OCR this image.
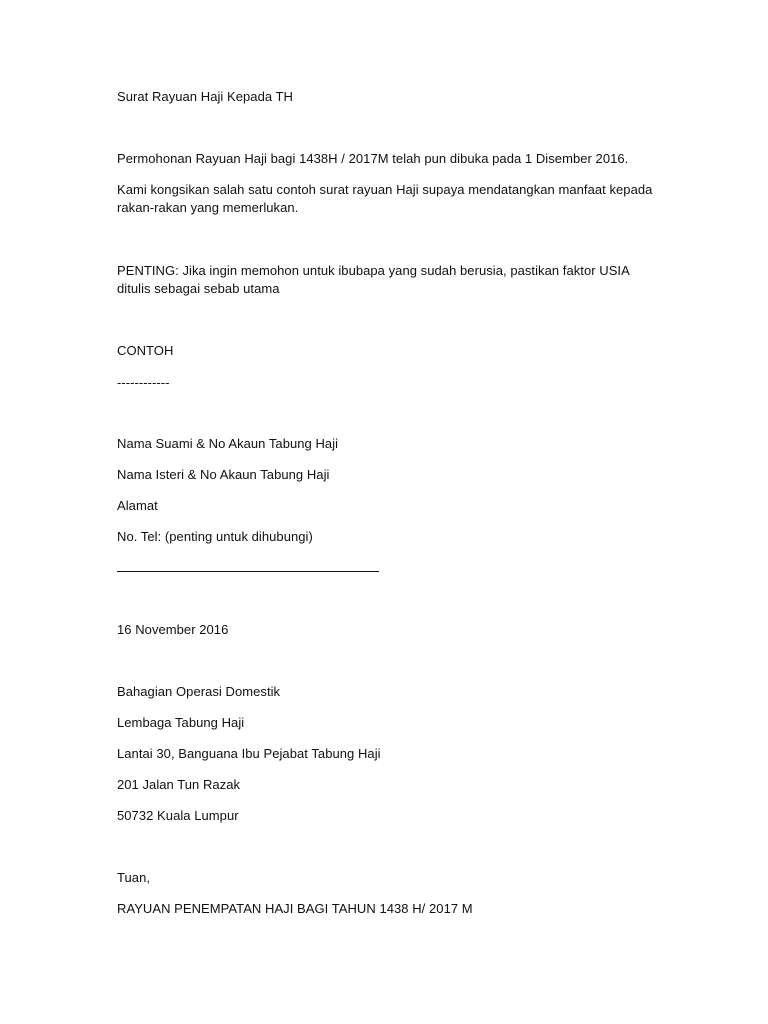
Surat Rayuan Haji Kepada TH
Permohonan Rayuan Haji bagi 1438H / 2017M telah pun dibuka pada 1 Disember 2016.
Kami kongsikan salah satu contoh surat rayuan Haji supaya mendatangkan manfaat kepada rakan-rakan yang memerlukan.
PENTING: Jika ingin memohon untuk ibubapa yang sudah berusia, pastikan faktor USIA ditulis sebagai sebab utama
CONTOH
------------
Nama Suami & No Akaun Tabung Haji
Nama Isteri & No Akaun Tabung Haji
Alamat
No. Tel: (penting untuk dihubungi)
16 November 2016
Bahagian Operasi Domestik
Lembaga Tabung Haji
Lantai 30, Banguana Ibu Pejabat Tabung Haji
201 Jalan Tun Razak
50732 Kuala Lumpur
Tuan,
RAYUAN PENEMPATAN HAJI BAGI TAHUN 1438 H/ 2017 M
